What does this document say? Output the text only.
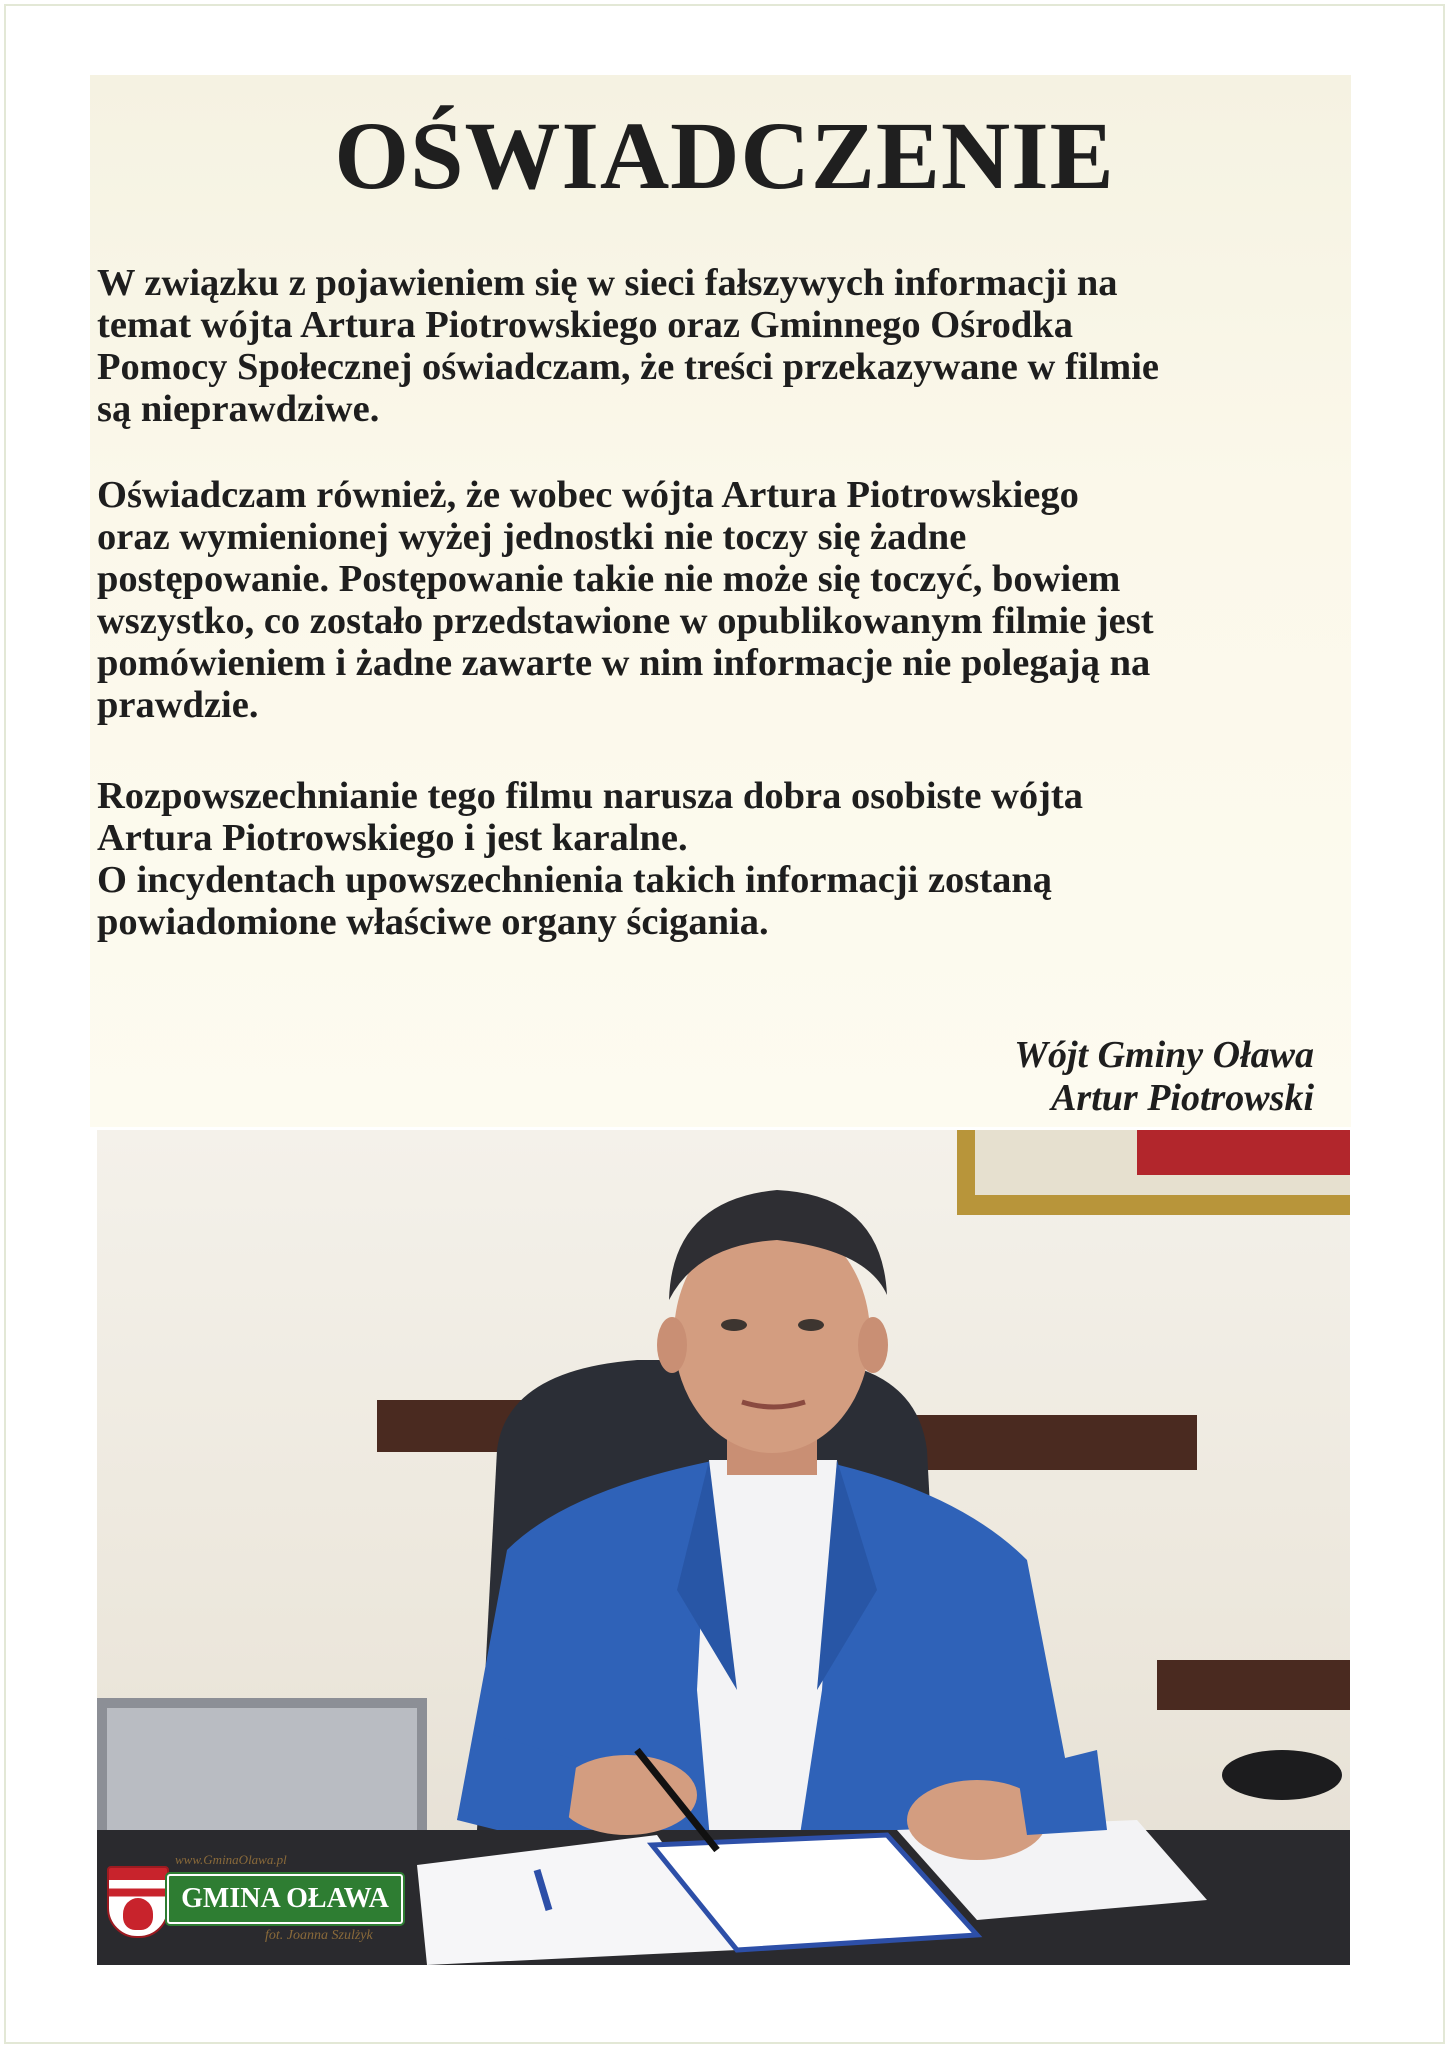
OŚWIADCZENIE

W związku z pojawieniem się w sieci fałszywych informacji na
temat wójta Artura Piotrowskiego oraz Gminnego Ośrodka
Pomocy Społecznej oświadczam, że treści przekazywane w filmie
są nieprawdziwe.

Oświadczam również, że wobec wójta Artura Piotrowskiego
oraz wymienionej wyżej jednostki nie toczy się żadne
postępowanie. Postępowanie takie nie może się toczyć, bowiem
wszystko, co zostało przedstawione w opublikowanym filmie jest
pomówieniem i żadne zawarte w nim informacje nie polegają na
prawdzie.

Rozpowszechnianie tego filmu narusza dobra osobiste wójta
Artura Piotrowskiego i jest karalne.

O incydentach upowszechnienia takich informacji zostaną
powiadomione właściwe organy ścigania.

Wójt Gminy Oława

Artur Piotrowski

www.GminaOlawa.pl
GMINA OŁAWA
fot. Joanna Szulżyk
